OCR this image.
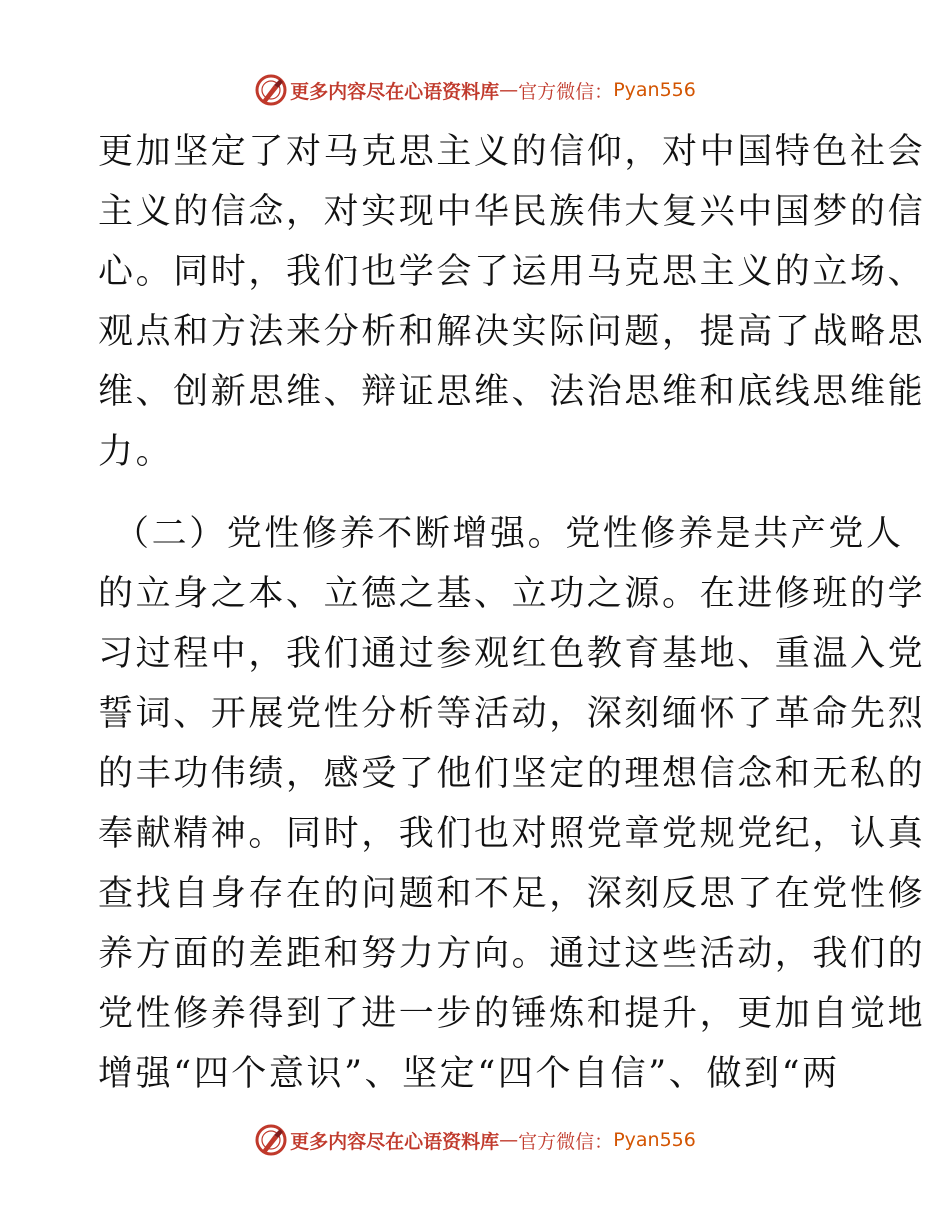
更多内容尽在心语资料库 — 官方微信： Pyan556
更加坚定了对马克思主义的信仰，对中国特色社会
主义的信念，对实现中华民族伟大复兴中国梦的信
心。同时，我们也学会了运用马克思主义的立场、
观点和方法来分析和解决实际问题，提高了战略思
维、创新思维、辩证思维、法治思维和底线思维能
力。
（二）党性修养不断增强。党性修养是共产党人
的立身之本、立德之基、立功之源。在进修班的学
习过程中，我们通过参观红色教育基地、重温入党
誓词、开展党性分析等活动，深刻缅怀了革命先烈
的丰功伟绩，感受了他们坚定的理想信念和无私的
奉献精神。同时，我们也对照党章党规党纪，认真
查找自身存在的问题和不足，深刻反思了在党性修
养方面的差距和努力方向。通过这些活动，我们的
党性修养得到了进一步的锤炼和提升，更加自觉地
增强“四个意识”、坚定“四个自信”、做到“两
更多内容尽在心语资料库 — 官方微信： Pyan556
